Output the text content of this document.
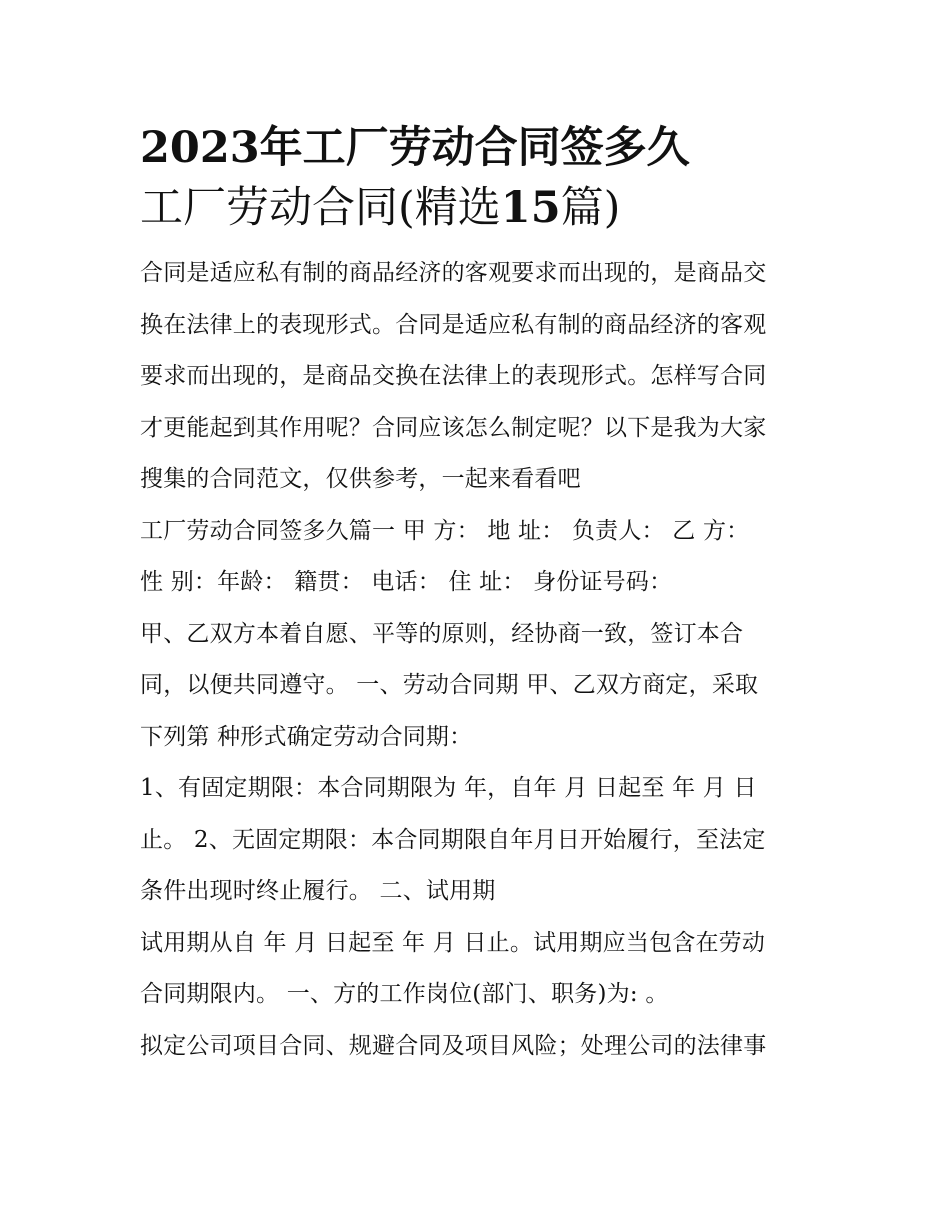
2023年工厂劳动合同签多久
工厂劳动合同(精选15篇)

合同是适应私有制的商品经济的客观要求而出现的，是商品交
换在法律上的表现形式。合同是适应私有制的商品经济的客观
要求而出现的，是商品交换在法律上的表现形式。怎样写合同
才更能起到其作用呢？合同应该怎么制定呢？以下是我为大家
搜集的合同范文，仅供参考，一起来看看吧

工厂劳动合同签多久篇一 甲 方： 地 址： 负责人： 乙 方：
性 别：年龄： 籍贯： 电话： 住 址： 身份证号码：

甲、乙双方本着自愿、平等的原则，经协商一致，签订本合
同，以便共同遵守。 一、劳动合同期 甲、乙双方商定，采取
下列第 种形式确定劳动合同期：

1、有固定期限：本合同期限为 年，自年 月 日起至 年 月 日
止。 2、无固定期限：本合同期限自年月日开始履行，至法定
条件出现时终止履行。 二、试用期

试用期从自 年 月 日起至 年 月 日止。试用期应当包含在劳动
合同期限内。 一、方的工作岗位(部门、职务)为: 。

拟定公司项目合同、规避合同及项目风险；处理公司的法律事
